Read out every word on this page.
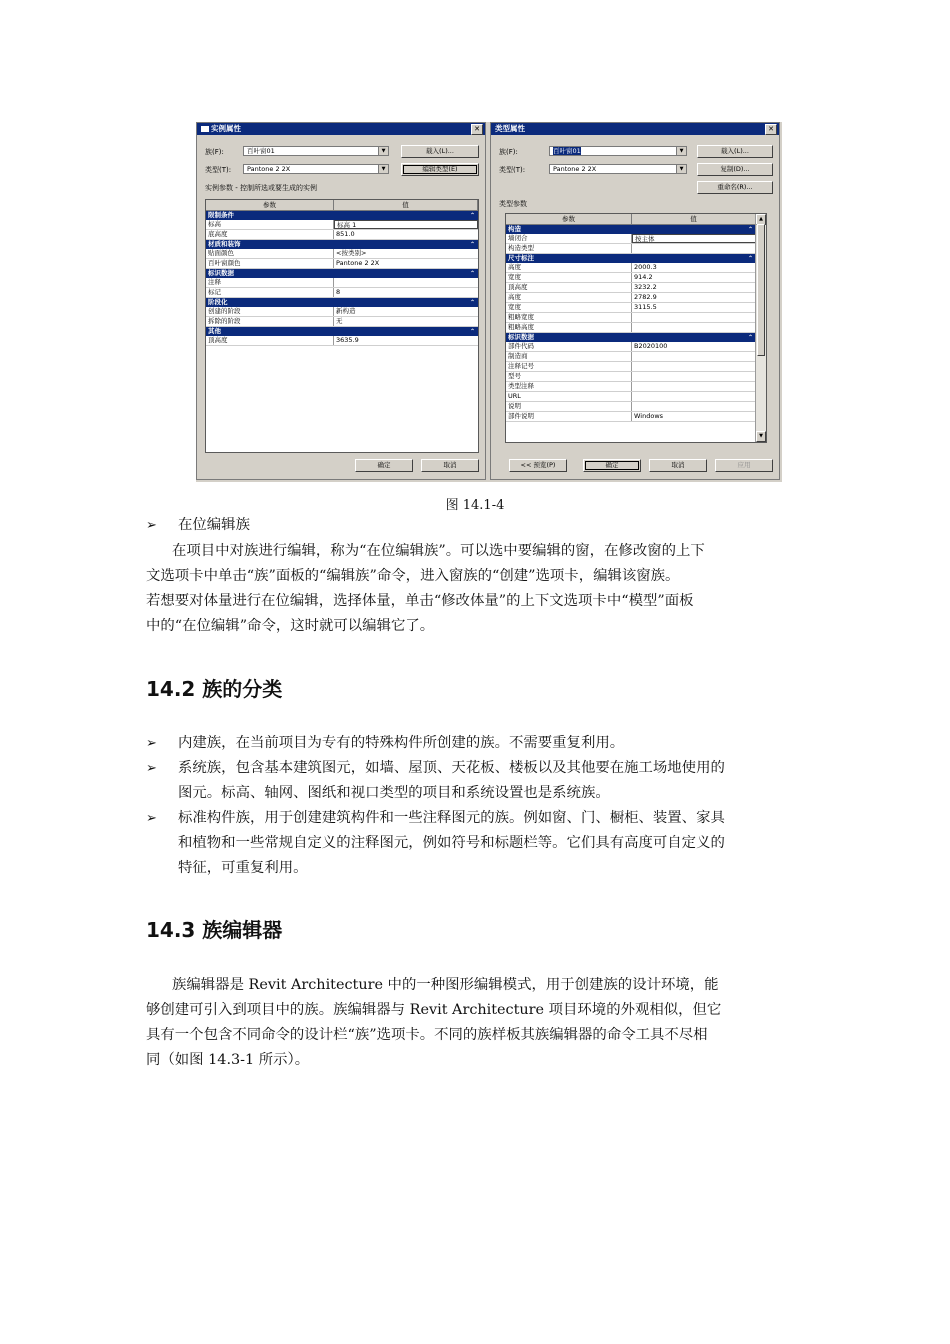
实例属性	✕
族(F):	百叶窗01	▼	载入(L)...
类型(T):	Pantone 2 2X	▼	编辑类型(E)
实例参数 - 控制所选或要生成的实例
参数	值
限制条件	⌃
标高	标高 1
底高度	851.0
材质和装饰	⌃
贴面颜色	<按类别>
百叶窗颜色	Pantone 2 2X
标识数据	⌃
注释
标记	8
阶段化	⌃
创建的阶段	新构造
拆除的阶段	无
其他	⌃
顶高度	3635.9
确定	取消
类型属性	✕
族(F):	百叶窗01	▼	载入(L)...
类型(T):	Pantone 2 2X	▼	复制(D)...
重命名(R)...
类型参数
参数	值
构造	⌃
墙闭合	按主体
构造类型
尺寸标注	⌃
高度	2000.3
宽度	914.2
顶高度	3232.2
高度	2782.9
宽度	3115.5
粗略宽度
粗略高度
标识数据	⌃
部件代码	B2020100
制造商
注释记号
型号
类型注释
URL
说明
部件说明	Windows
▲
▼
<< 预览(P)	确定	取消	应用
图 14.1-4
➢ 在位编辑族
在项目中对族进行编辑，称为“在位编辑族”。可以选中要编辑的窗，在修改窗的上下
文选项卡中单击“族”面板的“编辑族”命令，进入窗族的“创建”选项卡，编辑该窗族。
若想要对体量进行在位编辑，选择体量，单击“修改体量”的上下文选项卡中“模型”面板
中的“在位编辑”命令，这时就可以编辑它了。
14.2 族的分类
➢ 内建族，在当前项目为专有的特殊构件所创建的族。不需要重复利用。
➢ 系统族，包含基本建筑图元，如墙、屋顶、天花板、楼板以及其他要在施工场地使用的
图元。标高、轴网、图纸和视口类型的项目和系统设置也是系统族。
➢ 标准构件族，用于创建建筑构件和一些注释图元的族。例如窗、门、橱柜、装置、家具
和植物和一些常规自定义的注释图元，例如符号和标题栏等。它们具有高度可自定义的
特征，可重复利用。
14.3 族编辑器
族编辑器是 Revit Architecture 中的一种图形编辑模式，用于创建族的设计环境，能
够创建可引入到项目中的族。族编辑器与 Revit Architecture 项目环境的外观相似，但它
具有一个包含不同命令的设计栏“族”选项卡。不同的族样板其族编辑器的命令工具不尽相
同（如图 14.3-1 所示）。
